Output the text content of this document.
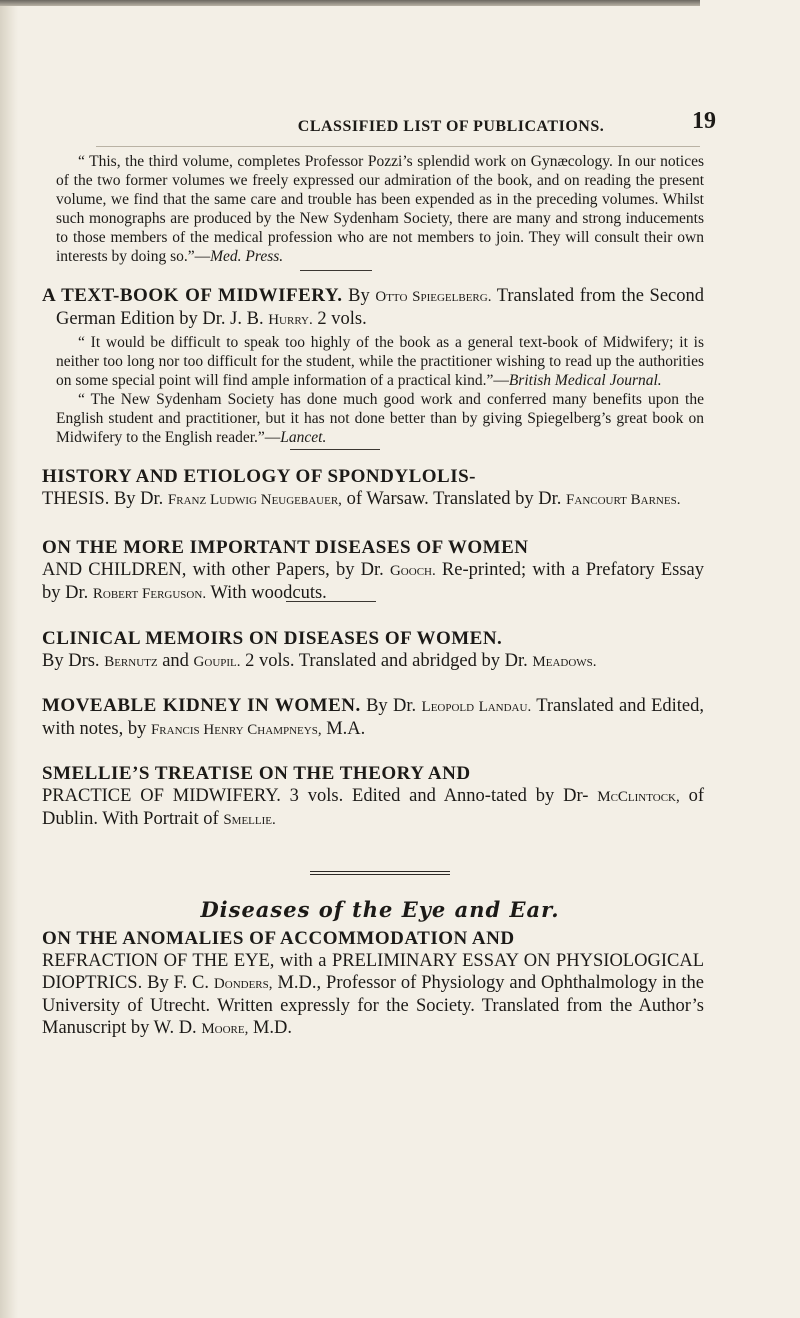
CLASSIFIED LIST OF PUBLICATIONS.	19

“ This, the third volume, completes Professor Pozzi’s splendid work on Gynæcology. In our notices of the two former volumes we freely expressed our admiration of the book, and on reading the present volume, we find that the same care and trouble has been expended as in the preceding volumes. Whilst such monographs are produced by the New Sydenham Society, there are many and strong inducements to those members of the medical profession who are not members to join. They will consult their own interests by doing so.”—Med. Press.

A TEXT-BOOK OF MIDWIFERY. By Otto Spiegelberg. Translated from the Second German Edition by Dr. J. B. Hurry. 2 vols.

“ It would be difficult to speak too highly of the book as a general text-book of Midwifery; it is neither too long nor too difficult for the student, while the practitioner wishing to read up the authorities on some special point will find ample information of a practical kind.”—British Medical Journal.

“ The New Sydenham Society has done much good work and conferred many benefits upon the English student and practitioner, but it has not done better than by giving Spiegelberg’s great book on Midwifery to the English reader.”—Lancet.

HISTORY AND ETIOLOGY OF SPONDYLOLIS-
THESIS. By Dr. Franz Ludwig Neugebauer, of Warsaw. Translated by Dr. Fancourt Barnes.

ON THE MORE IMPORTANT DISEASES OF WOMEN
AND CHILDREN, with other Papers, by Dr. Gooch. Re-printed; with a Prefatory Essay by Dr. Robert Ferguson. With woodcuts.

CLINICAL MEMOIRS ON DISEASES OF WOMEN.
By Drs. Bernutz and Goupil. 2 vols. Translated and abridged by Dr. Meadows.

MOVEABLE KIDNEY IN WOMEN. By Dr. Leopold Landau. Translated and Edited, with notes, by Francis Henry Champneys, M.A.

SMELLIE’S TREATISE ON THE THEORY AND
PRACTICE OF MIDWIFERY. 3 vols. Edited and Anno-tated by Dr- McClintock, of Dublin. With Portrait of Smellie.

Diseases of the Eye and Ear.

ON THE ANOMALIES OF ACCOMMODATION AND
REFRACTION OF THE EYE, with a PRELIMINARY ESSAY ON PHYSIOLOGICAL DIOPTRICS. By F. C. Donders, M.D., Professor of Physiology and Ophthalmology in the University of Utrecht. Written expressly for the Society. Translated from the Author’s Manuscript by W. D. Moore, M.D.
